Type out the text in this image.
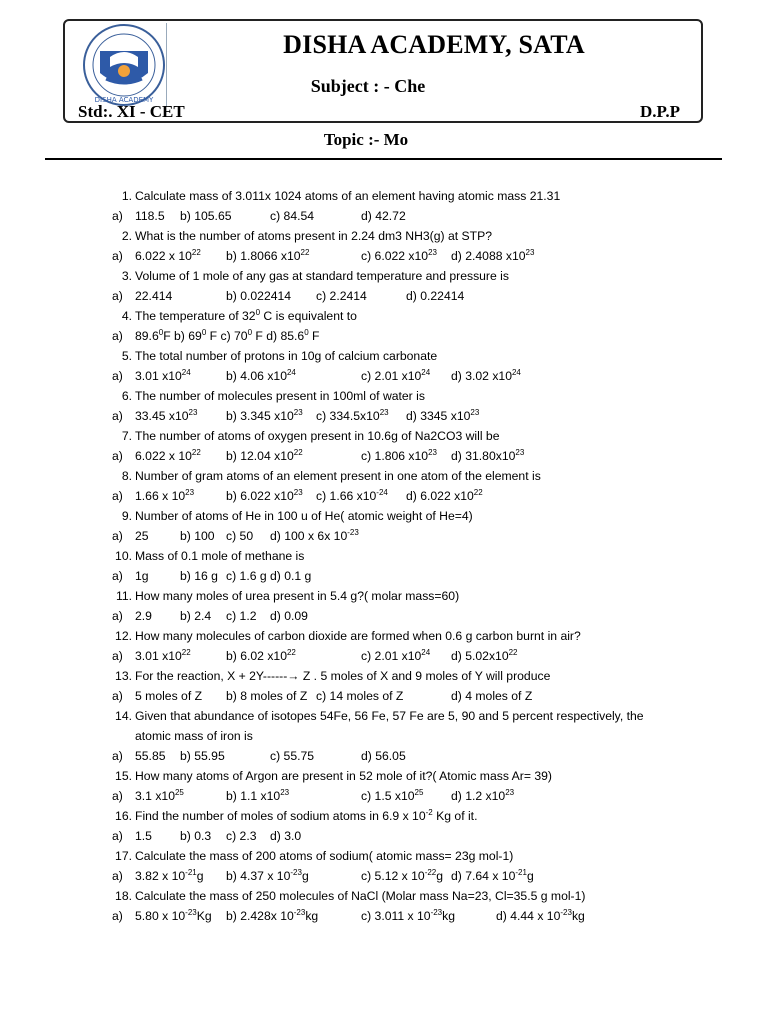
DISHA ACADEMY
DISHA ACADEMY, SATA
Subject : - Che
Std:. XI - CET	D.P.P
Topic :- Mo
1. Calculate mass of 3.011x 1024 atoms of an element having atomic mass 21.31
a) 118.5 b) 105.65	c) 84.54	d) 42.72
2. What is the number of atoms present in 2.24 dm3 NH3(g) at STP?
a) 6.022 x $10^{22}$ b) 1.8066 $x10^{22}$	c) 6.022 $x10^{23}$ d) 2.4088 $x10^{23}$
3. Volume of 1 mole of any gas at standard temperature and pressure is
a) 22.414	b) 0.022414 c) 2.2414	d) 0.22414
4. The temperature of $32^0$ C is equivalent to
a) 89.6$^0$F b) $69^0$ F c) $70^0$ F d) 85.6$^0$ F
5. The total number of protons in 10g of calcium carbonate
a) 3.01 $x10^{24}$	b) 4.06 $x10^{24}$	c) 2.01 $x10^{24}$ d) 3.02 $x10^{24}$
6. The number of molecules present in 100ml of water is
a) 33.45 $x10^{23}$ b) 3.345 $x10^{23}$ c) $334.5x10^{23}$ d) 3345 $x10^{23}$
7. The number of atoms of oxygen present in 10.6g of Na2CO3 will be
a) 6.022 x $10^{22}$ b) 12.04 $x10^{22}$	c) 1.806 $x10^{23}$ d) $31.80x10^{23}$
8. Number of gram atoms of an element present in one atom of the element is
a) 1.66 x $10^{23}$	b) 6.022 $x10^{23}$ c) 1.66 $x10^{-24}$ d) 6.022 $x10^{22}$
9. Number of atoms of He in 100 u of He( atomic weight of He=4)
a) 25	b) 100 c) 50 d) 100 x 6x $10^{-23}$
10. Mass of 0.1 mole of methane is
a) 1g	b) 16 g c) 1.6 g d) 0.1 g
11. How many moles of urea present in 5.4 g?( molar mass=60)
a) 2.9 b) 2.4 c) 1.2 d) 0.09
12. How many molecules of carbon dioxide are formed when 0.6 g carbon burnt in air?
a) 3.01 $x10^{22}$	b) 6.02 $x10^{22}$	c) 2.01 $x10^{24}$ d) $5.02x10^{22}$
13. For the reaction, X + 2Y------→ Z . 5 moles of X and 9 moles of Y will produce
a) 5 moles of Z b) 8 moles of Z c) 14 moles of Z	d) 4 moles of Z
14. Given that abundance of isotopes 54Fe, 56 Fe, 57 Fe are 5, 90 and 5 percent respectively, the
atomic mass of iron is
a) 55.85 b) 55.95	c) 55.75	d) 56.05
15. How many atoms of Argon are present in 52 mole of it?( Atomic mass Ar= 39)
a) 3.1 $x10^{25}$	b) 1.1 $x10^{23}$	c) 1.5 $x10^{25}$ d) 1.2 $x10^{23}$
16. Find the number of moles of sodium atoms in 6.9 x $10^{-2}$ Kg of it.
a) 1.5 b) 0.3 c) 2.3 d) 3.0
17. Calculate the mass of 200 atoms of sodium( atomic mass= 23g mol-1)
a) 3.82 x $10^{-21}g$ b) 4.37 x $10^{-23}g$	c) 5.12 x $10^{-22}g$ d) 7.64 x $10^{-21}g$
18. Calculate the mass of 250 molecules of NaCl (Molar mass Na=23, Cl=35.5 g mol-1)
a) 5.80 x $10^{-23}Kg$ b) 2.428x $10^{-23}kg$	c) 3.011 x $10^{-23}kg$	d) 4.44 x $10^{-23}kg$
